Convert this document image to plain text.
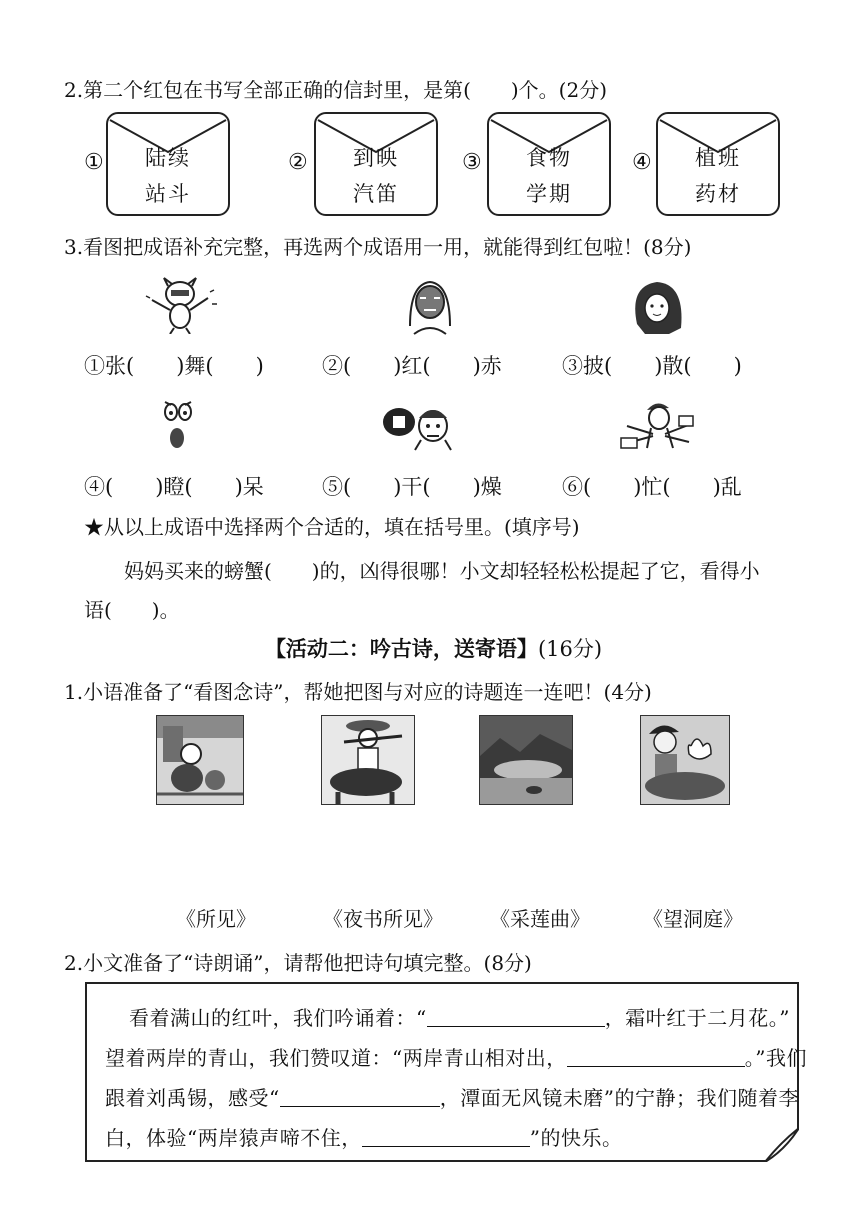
2.第二个红包在书写全部正确的信封里，是第(　　)个。(2分)
①	陆续
站斗
②	到映
汽笛
③	食物
学期
④	植班
药材
3.看图把成语补充完整，再选两个成语用一用，就能得到红包啦！(8分)
①张(　　)舞(　　)	②(　　)红(　　)赤	③披(　　)散(　　)
④(　　)瞪(　　)呆	⑤(　　)干(　　)燥	⑥(　　)忙(　　)乱
★从以上成语中选择两个合适的，填在括号里。(填序号)
妈妈买来的螃蟹(　　)的，凶得很哪！小文却轻轻松松提起了它，看得小
语(　　)。
【活动二：吟古诗，送寄语】(16分)
1.小语准备了“看图念诗”，帮她把图与对应的诗题连一连吧！(4分)
《所见》	《夜书所见》 《采莲曲》	《望洞庭》
2.小文准备了“诗朗诵”，请帮他把诗句填完整。(8分)
看着满山的红叶，我们吟诵着：“	，霜叶红于二月花。”
望着两岸的青山，我们赞叹道：“两岸青山相对出，	。”我们
跟着刘禹锡，感受“	，潭面无风镜未磨”的宁静；我们随着李
白，体验“两岸猿声啼不住，	”的快乐。
